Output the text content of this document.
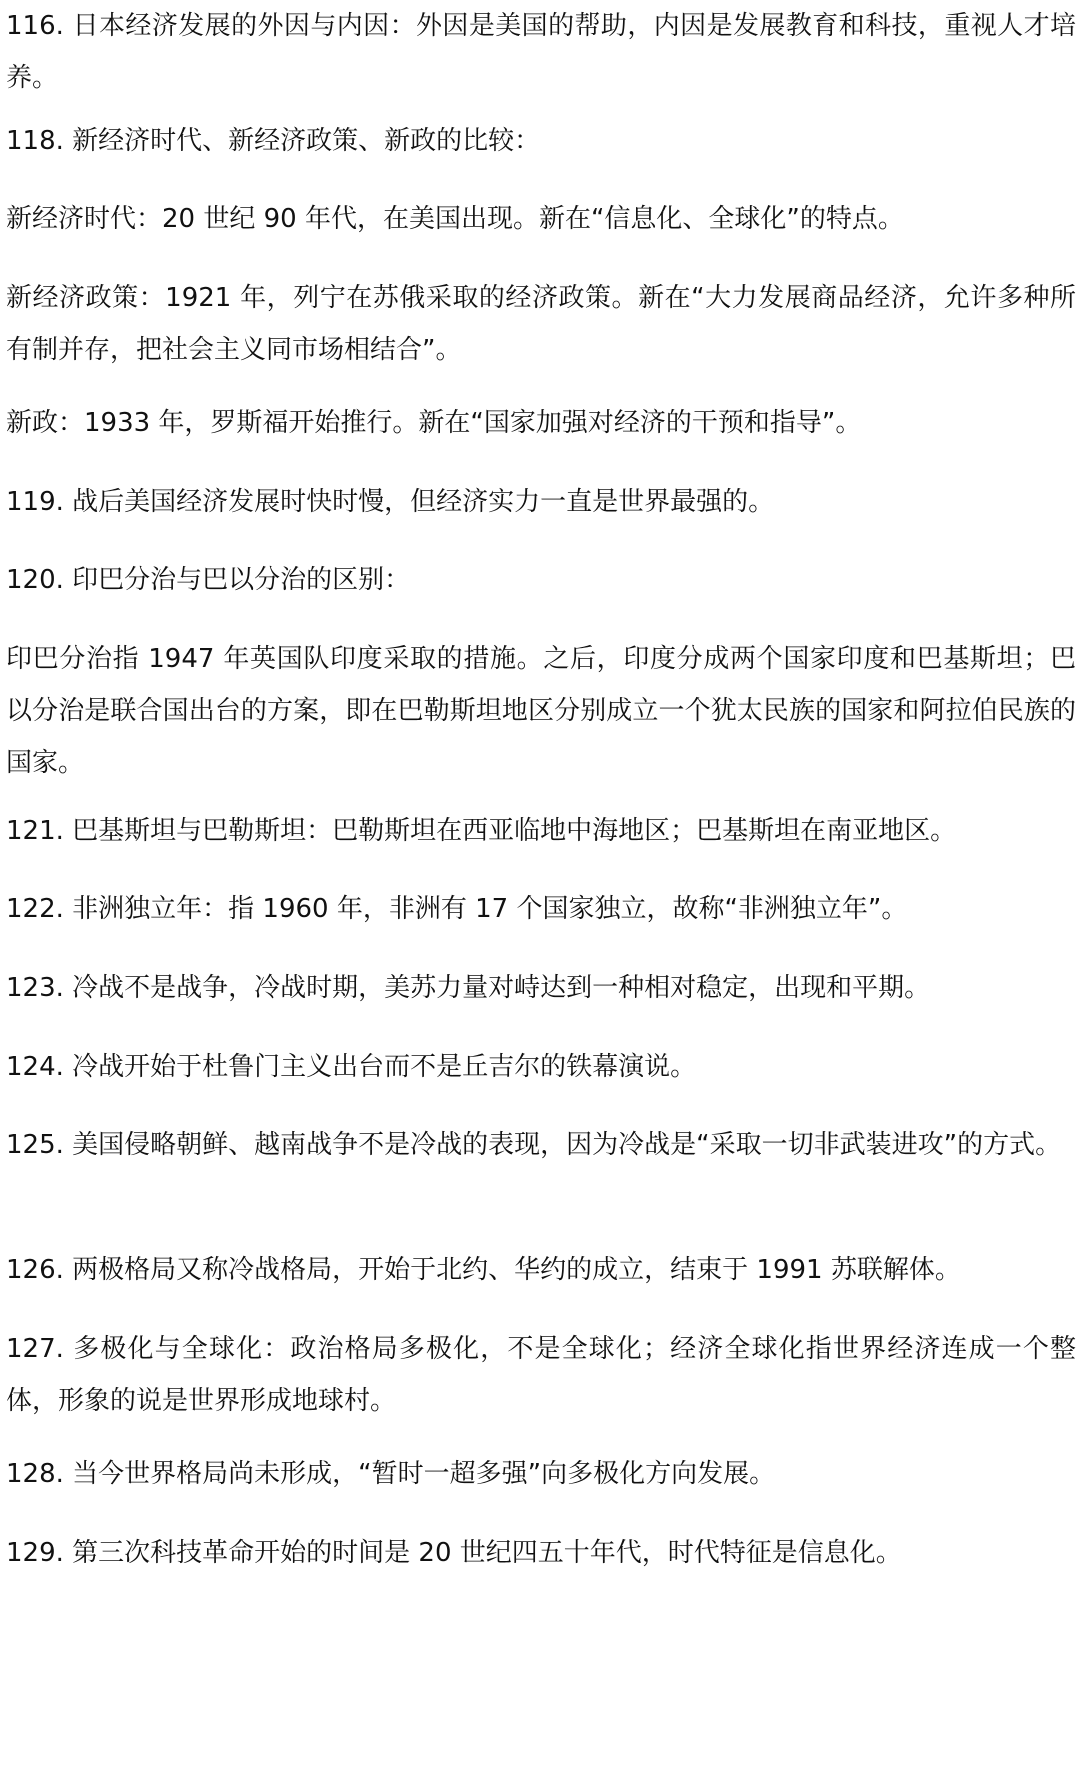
116. 日本经济发展的外因与内因：外因是美国的帮助，内因是发展教育和科技，重视人才培养。

118. 新经济时代、新经济政策、新政的比较：

新经济时代：20 世纪 90 年代，在美国出现。新在“信息化、全球化”的特点。

新经济政策：1921 年，列宁在苏俄采取的经济政策。新在“大力发展商品经济，允许多种所有制并存，把社会主义同市场相结合”。

新政：1933 年，罗斯福开始推行。新在“国家加强对经济的干预和指导”。

119. 战后美国经济发展时快时慢，但经济实力一直是世界最强的。

120. 印巴分治与巴以分治的区别：

印巴分治指 1947 年英国队印度采取的措施。之后，印度分成两个国家印度和巴基斯坦；巴以分治是联合国出台的方案，即在巴勒斯坦地区分别成立一个犹太民族的国家和阿拉伯民族的国家。

121. 巴基斯坦与巴勒斯坦：巴勒斯坦在西亚临地中海地区；巴基斯坦在南亚地区。

122. 非洲独立年：指 1960 年，非洲有 17 个国家独立，故称“非洲独立年”。

123. 冷战不是战争，冷战时期，美苏力量对峙达到一种相对稳定，出现和平期。

124. 冷战开始于杜鲁门主义出台而不是丘吉尔的铁幕演说。

125. 美国侵略朝鲜、越南战争不是冷战的表现，因为冷战是“采取一切非武装进攻”的方式。

126. 两极格局又称冷战格局，开始于北约、华约的成立，结束于 1991 苏联解体。

127. 多极化与全球化：政治格局多极化，不是全球化；经济全球化指世界经济连成一个整体，形象的说是世界形成地球村。

128. 当今世界格局尚未形成，“暂时一超多强”向多极化方向发展。

129. 第三次科技革命开始的时间是 20 世纪四五十年代，时代特征是信息化。
